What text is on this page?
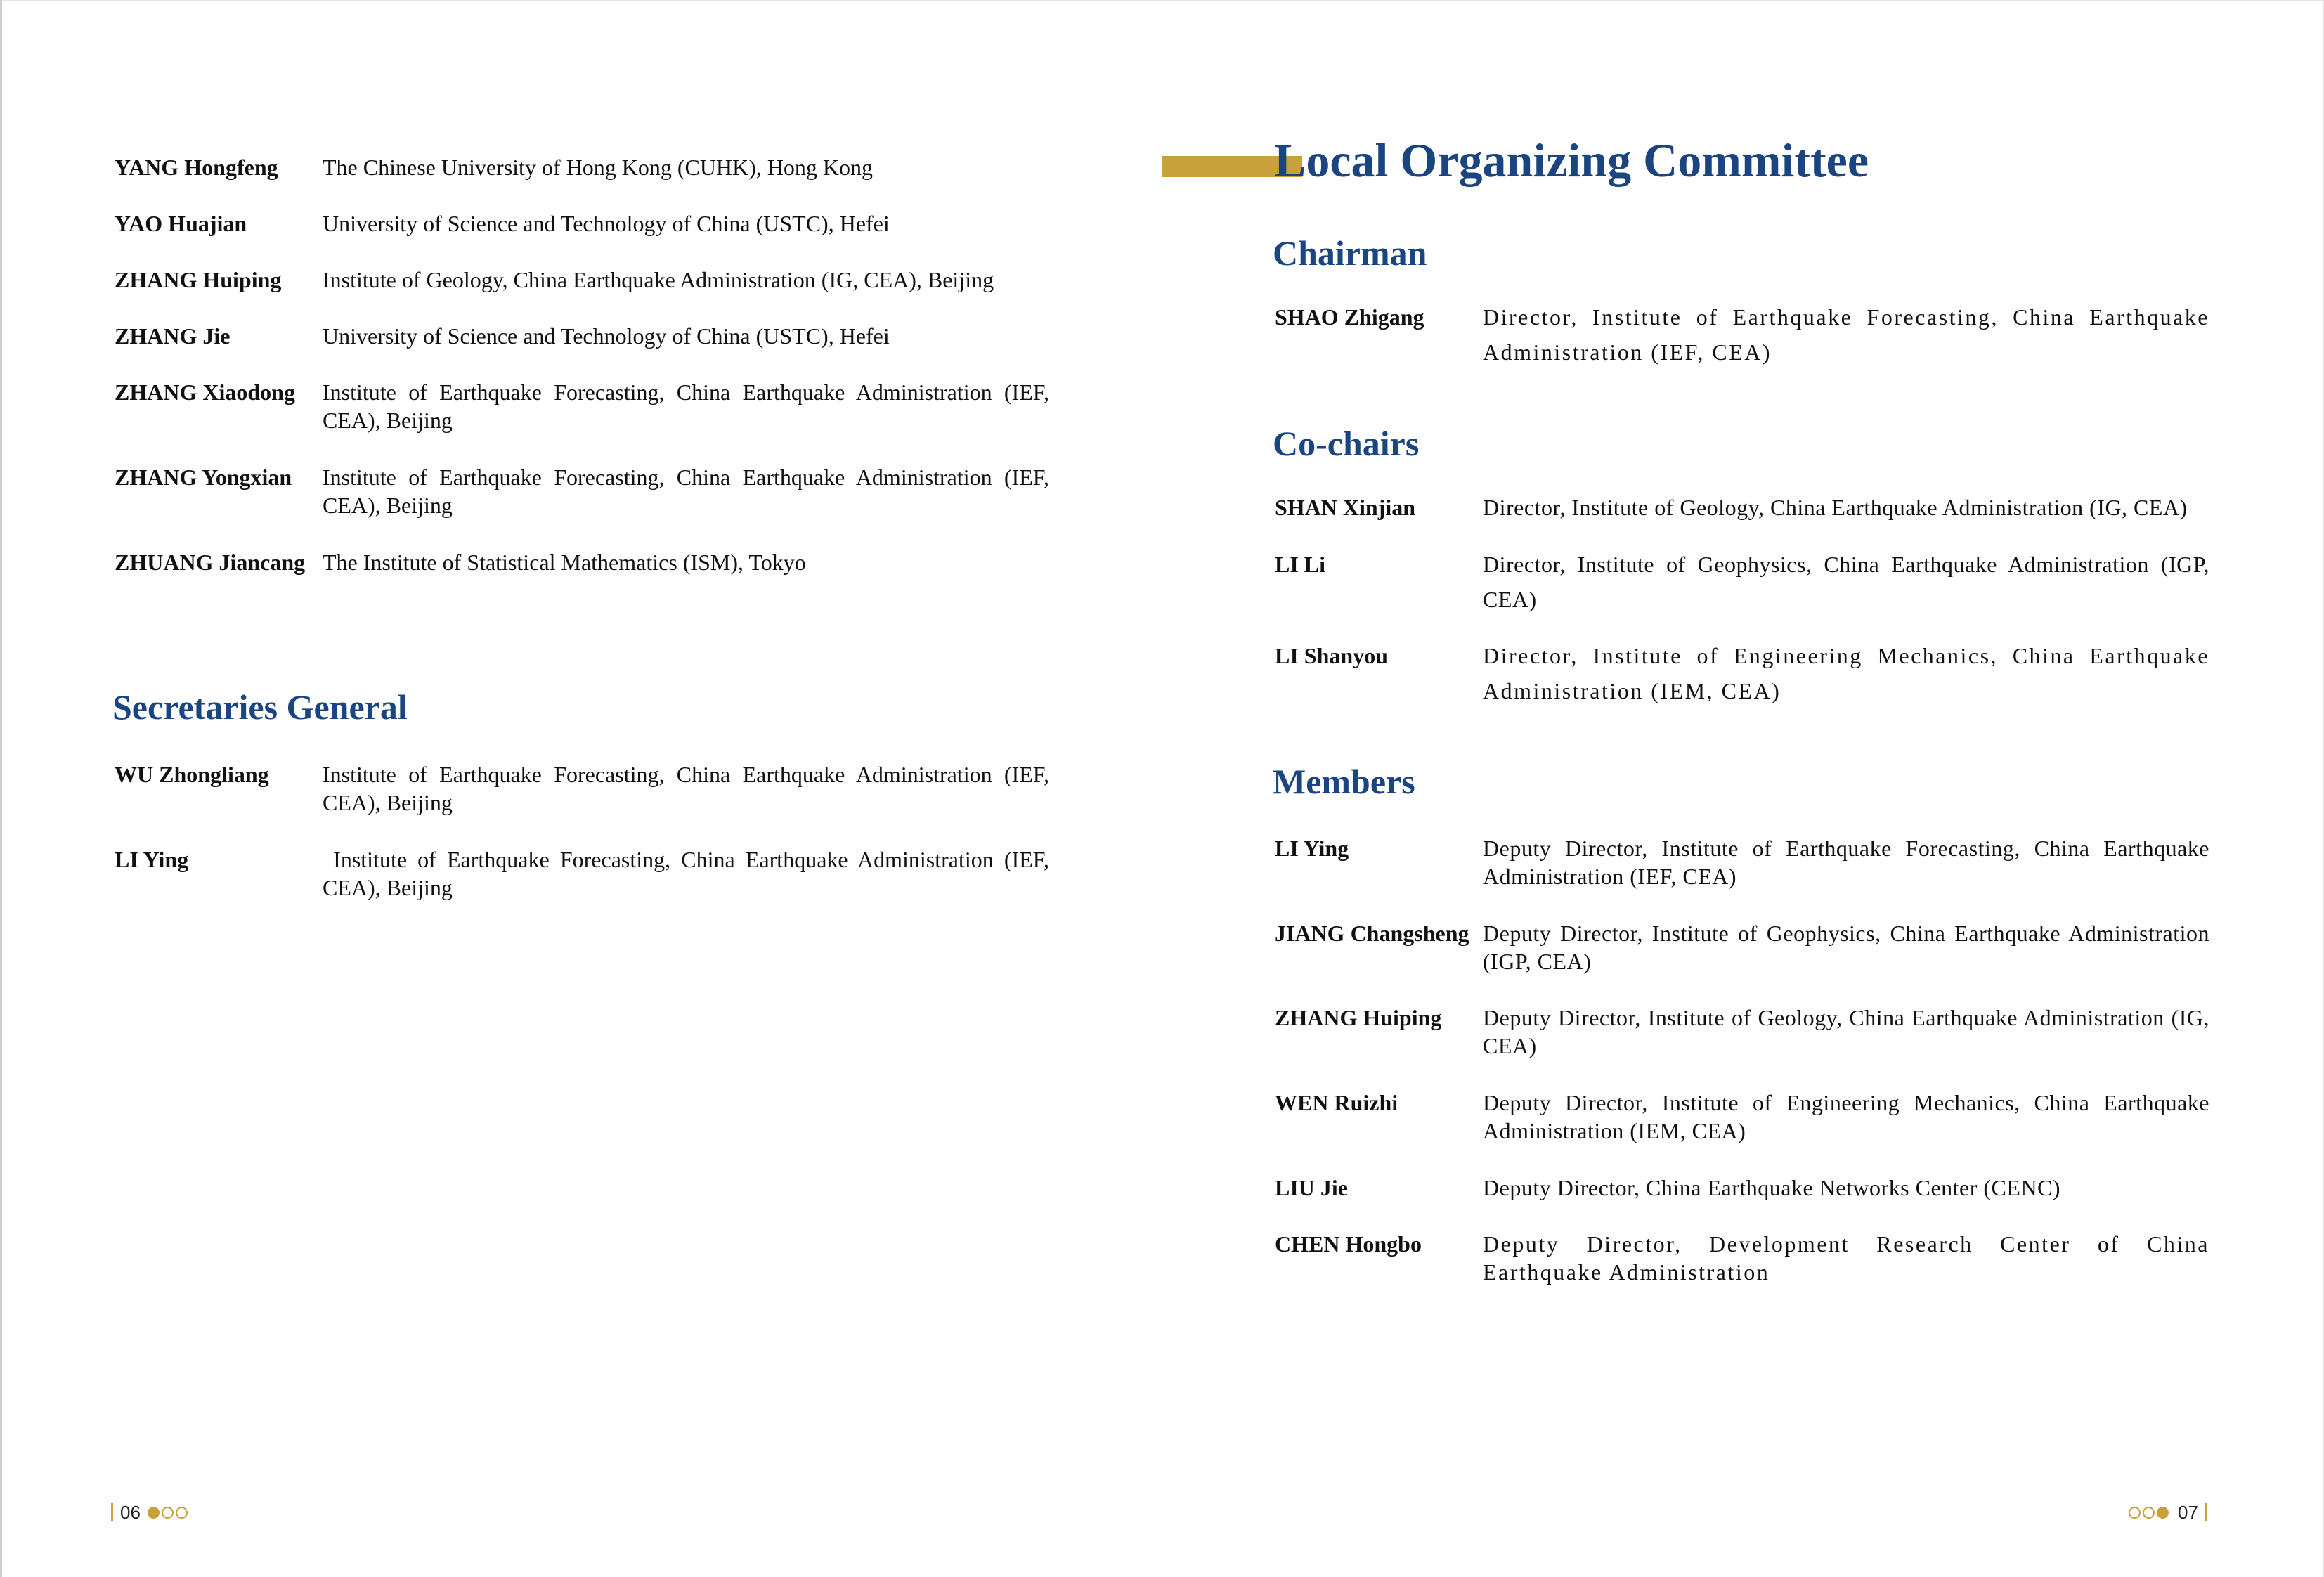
YANG Hongfeng The Chinese University of Hong Kong (CUHK), Hong Kong
YAO Huajian	University of Science and Technology of China (USTC), Hefei
ZHANG Huiping Institute of Geology, China Earthquake Administration (IG, CEA), Beijing
ZHANG Jie	University of Science and Technology of China (USTC), Hefei
ZHANG Xiaodong Institute of Earthquake Forecasting, China Earthquake Administration (IEF, CEA), Beijing
ZHANG Yongxian Institute of Earthquake Forecasting, China Earthquake Administration (IEF, CEA), Beijing
ZHUANG Jiancang The Institute of Statistical Mathematics (ISM), Tokyo
Secretaries General
WU Zhongliang Institute of Earthquake Forecasting, China Earthquake Administration (IEF, CEA), Beijing
LI Ying	Institute of Earthquake Forecasting, China Earthquake Administration (IEF, CEA), Beijing
06
Local Organizing Committee
Chairman
SHAO Zhigang	Director, Institute of Earthquake Forecasting, China Earthquake Administration (IEF, CEA)
Co-chairs
SHAN Xinjian	Director, Institute of Geology, China Earthquake Administration (IG, CEA)
LI Li	Director, Institute of Geophysics, China Earthquake Administration (IGP, CEA)
LI Shanyou	Director, Institute of Engineering Mechanics, China Earthquake Administration (IEM, CEA)
Members
LI Ying	Deputy Director, Institute of Earthquake Forecasting, China Earthquake Administration (IEF, CEA)
JIANG Changsheng Deputy Director, Institute of Geophysics, China Earthquake Administration (IGP, CEA)
ZHANG Huiping Deputy Director, Institute of Geology, China Earthquake Administration (IG, CEA)
WEN Ruizhi	Deputy Director, Institute of Engineering Mechanics, China Earthquake Administration (IEM, CEA)
LIU Jie	Deputy Director, China Earthquake Networks Center (CENC)
CHEN Hongbo	Deputy Director, Development Research Center of China Earthquake Administration
07
